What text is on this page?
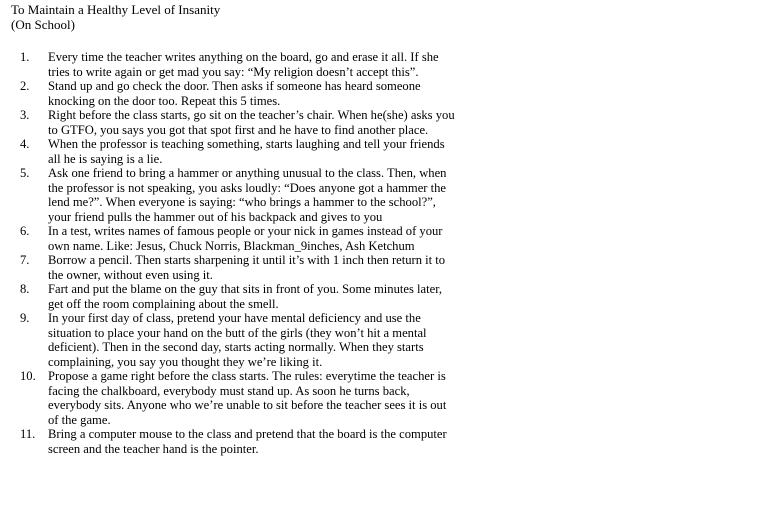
To Maintain a Healthy Level of Insanity

(On School)

1.	Every time the teacher writes anything on the board, go and erase it all. If she tries to write again or get mad you say: “My religion doesn’t accept this”.
2.	Stand up and go check the door. Then asks if someone has heard someone knocking on the door too. Repeat this 5 times.
3.	Right before the class starts, go sit on the teacher’s chair. When he(she) asks you to GTFO, you says you got that spot first and he have to find another place.
4.	When the professor is teaching something, starts laughing and tell your friends all he is saying is a lie.
5.	Ask one friend to bring a hammer or anything unusual to the class. Then, when the professor is not speaking, you asks loudly: “Does anyone got a hammer the lend me?”. When everyone is saying: “who brings a hammer to the school?”, your friend pulls the hammer out of his backpack and gives to you
6.	In a test, writes names of famous people or your nick in games instead of your own name. Like: Jesus, Chuck Norris, Blackman_9inches, Ash Ketchum
7.	Borrow a pencil. Then starts sharpening it until it’s with 1 inch then return it to the owner, without even using it.
8.	Fart and put the blame on the guy that sits in front of you. Some minutes later, get off the room complaining about the smell.
9.	In your first day of class, pretend your have mental deficiency and use the situation to place your hand on the butt of the girls (they won’t hit a mental deficient). Then in the second day, starts acting normally. When they starts complaining, you say you thought they we’re liking it.
10. Propose a game right before the class starts. The rules: everytime the teacher is facing the chalkboard, everybody must stand up. As soon he turns back, everybody sits. Anyone who we’re unable to sit before the teacher sees it is out of the game.
11.	Bring a computer mouse to the class and pretend that the board is the computer screen and the teacher hand is the pointer.
